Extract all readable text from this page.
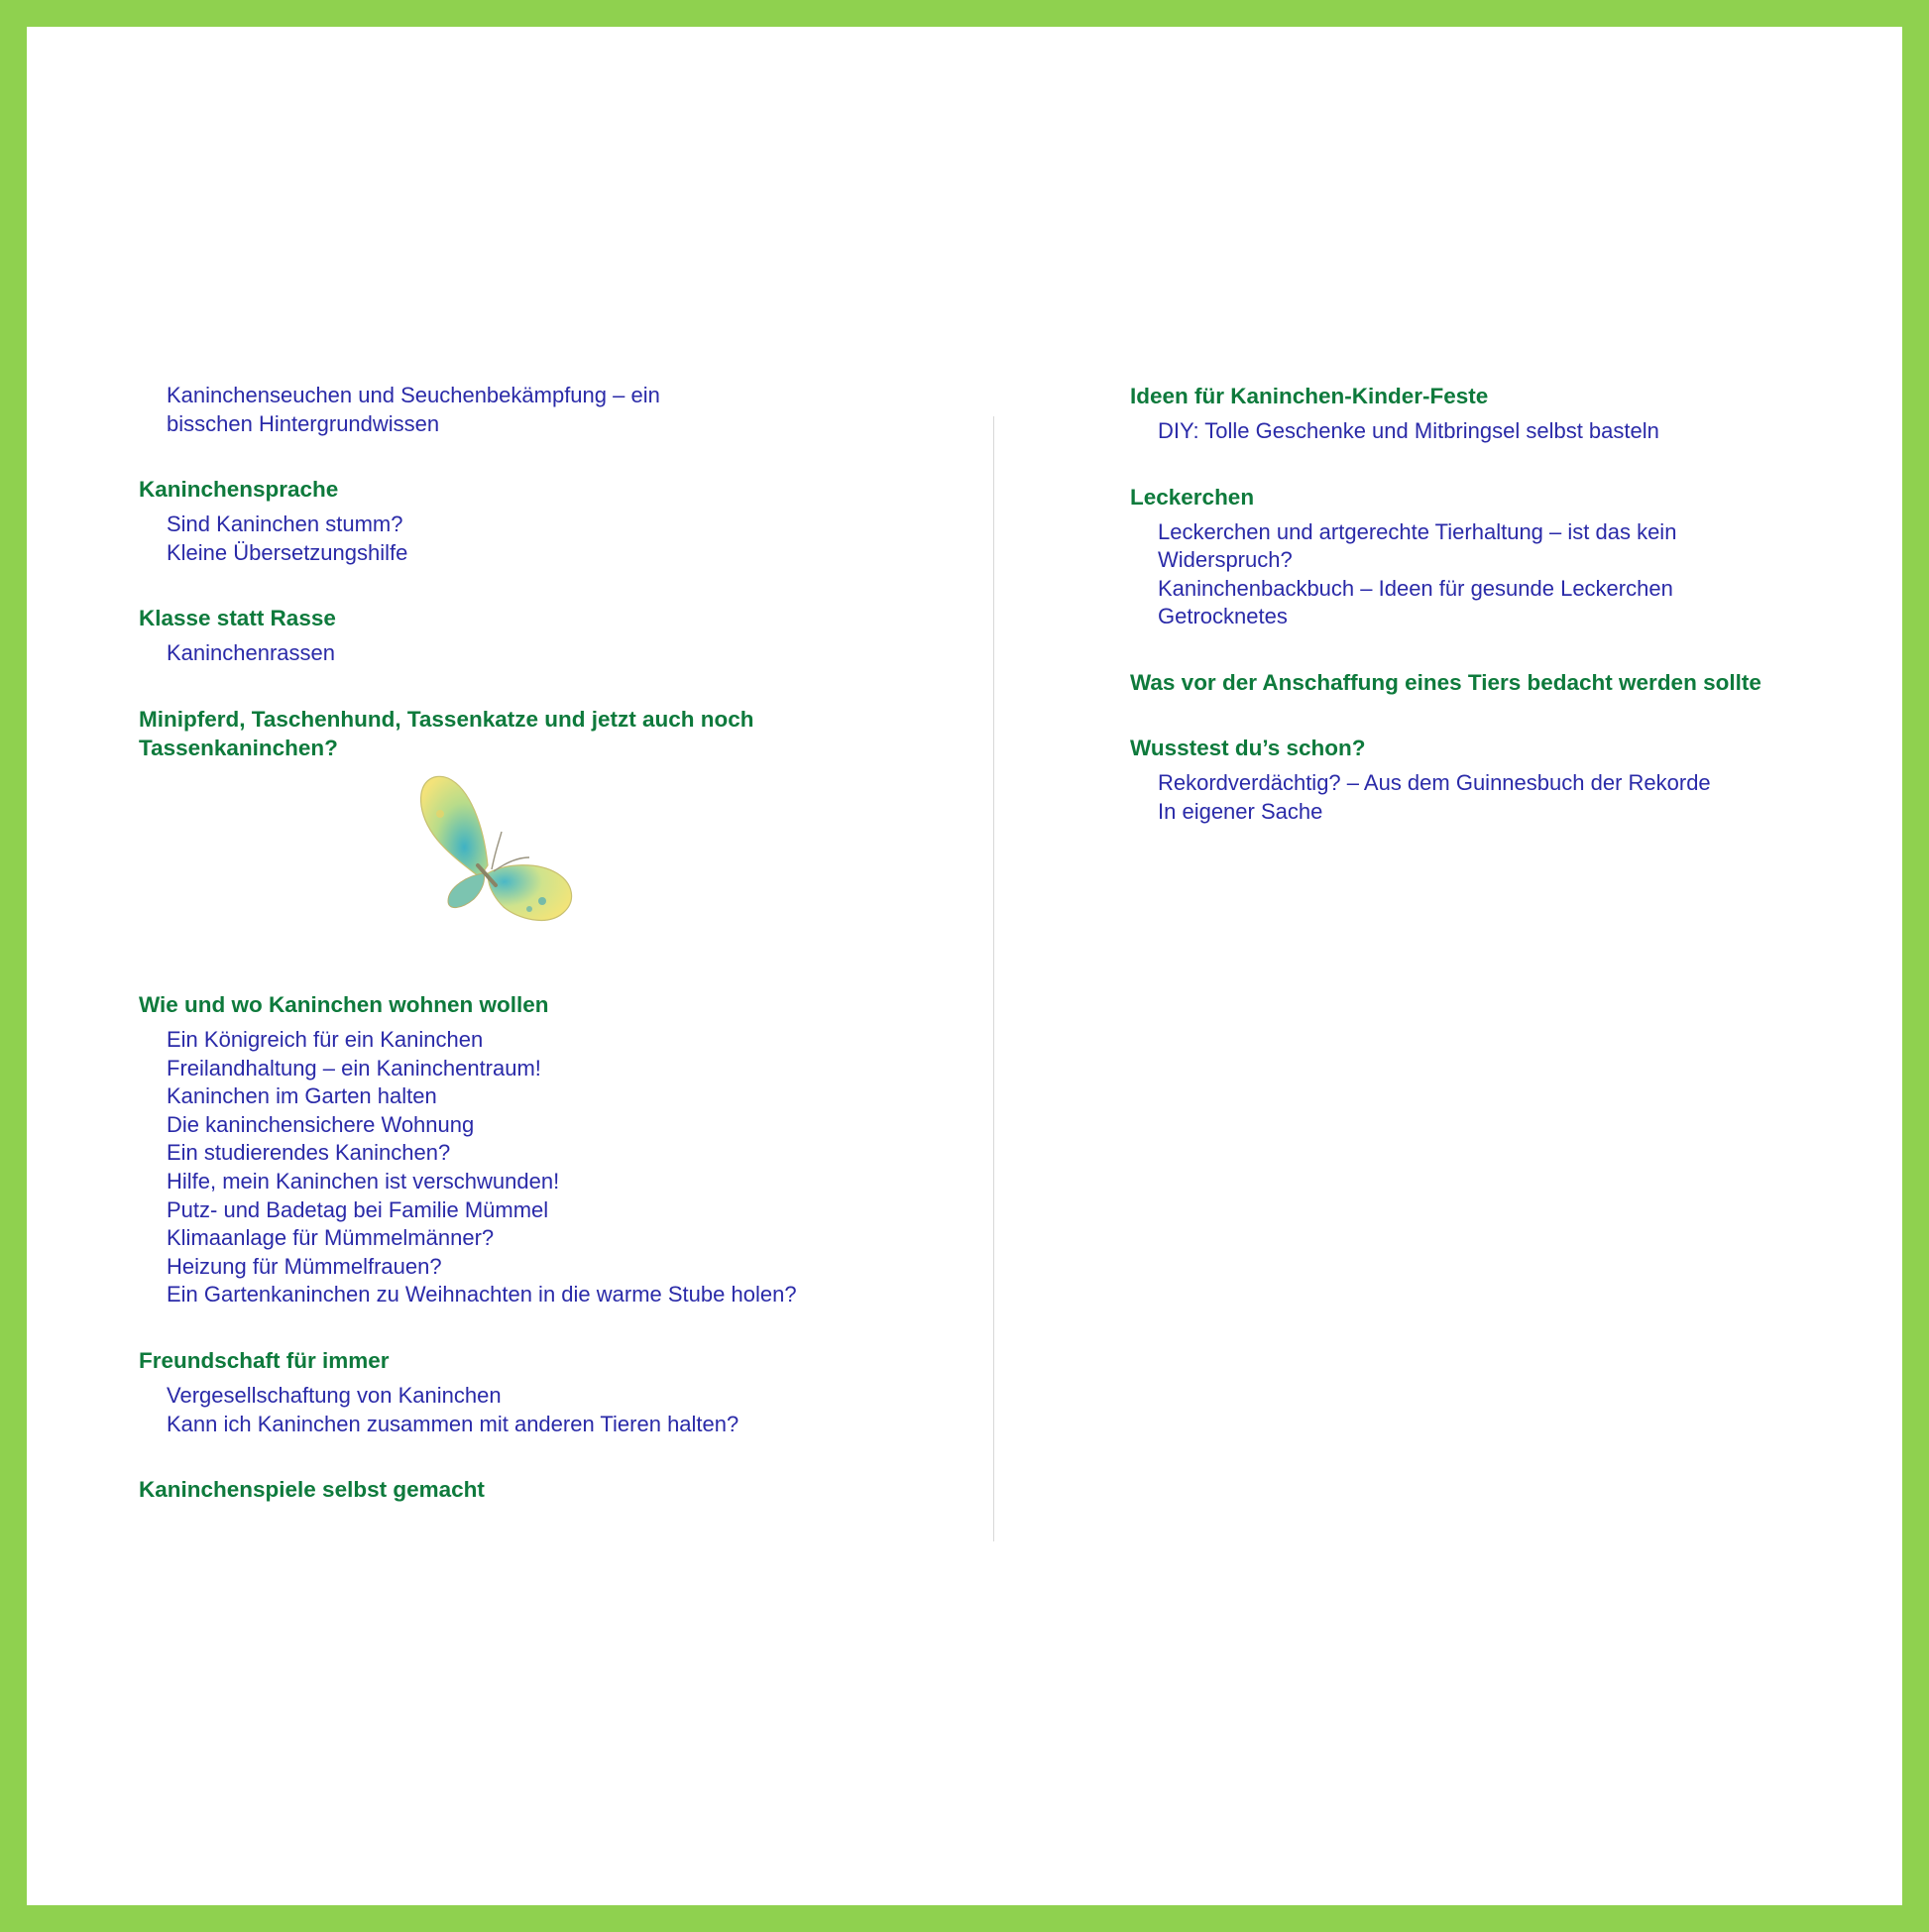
Kaninchenseuchen und Seuchenbekämpfung – ein bisschen Hintergrundwissen

Kaninchensprache

Sind Kaninchen stumm?

Kleine Übersetzungshilfe

Klasse statt Rasse

Kaninchenrassen

Minipferd, Taschenhund, Tassenkatze und jetzt auch noch Tassenkaninchen?
Wie und wo Kaninchen wohnen wollen

Ein Königreich für ein Kaninchen

Freilandhaltung – ein Kaninchentraum!

Kaninchen im Garten halten

Die kaninchensichere Wohnung

Ein studierendes Kaninchen?

Hilfe, mein Kaninchen ist verschwunden!

Putz- und Badetag bei Familie Mümmel

Klimaanlage für Mümmelmänner?

Heizung für Mümmelfrauen?

Ein Gartenkaninchen zu Weihnachten in die warme Stube holen?

Freundschaft für immer

Vergesellschaftung von Kaninchen

Kann ich Kaninchen zusammen mit anderen Tieren halten?

Kaninchenspiele selbst gemacht
Ideen für Kaninchen-Kinder-Feste

DIY: Tolle Geschenke und Mitbringsel selbst basteln

Leckerchen

Leckerchen und artgerechte Tierhaltung – ist das kein Widerspruch?

Kaninchenbackbuch – Ideen für gesunde Leckerchen

Getrocknetes

Was vor der Anschaffung eines Tiers bedacht werden sollte
Wusstest du’s schon?

Rekordverdächtig? – Aus dem Guinnesbuch der Rekorde

In eigener Sache
